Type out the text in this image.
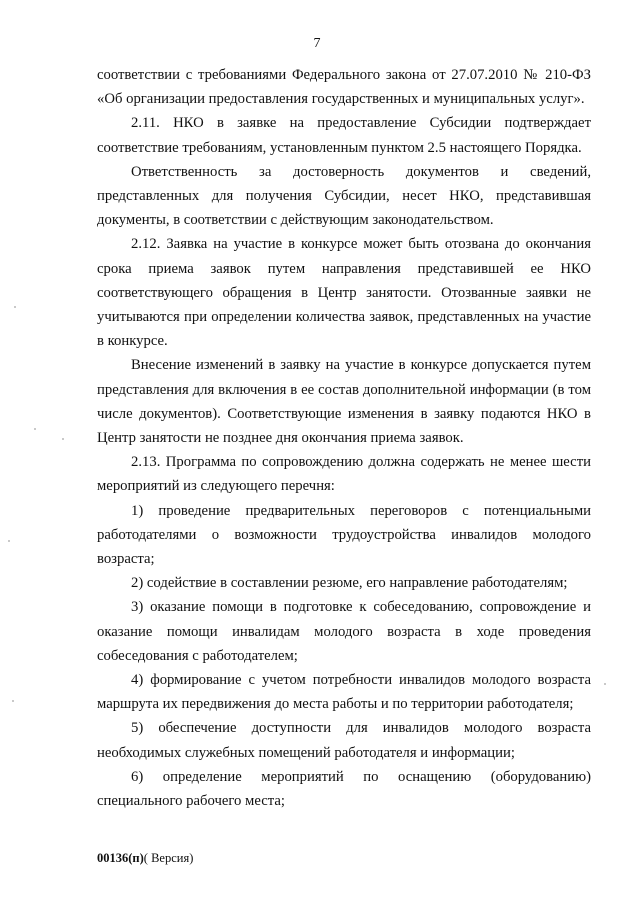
7

соответствии с требованиями Федерального закона от 27.07.2010 № 210-ФЗ «Об организации предоставления государственных и муниципальных услуг».

2.11. НКО в заявке на предоставление Субсидии подтверждает соответствие требованиям, установленным пунктом 2.5 настоящего Порядка.

Ответственность за достоверность документов и сведений, представленных для получения Субсидии, несет НКО, представившая документы, в соответствии с действующим законодательством.

2.12. Заявка на участие в конкурсе может быть отозвана до окончания срока приема заявок путем направления представившей ее НКО соответствующего обращения в Центр занятости. Отозванные заявки не учитываются при определении количества заявок, представленных на участие в конкурсе.

Внесение изменений в заявку на участие в конкурсе допускается путем представления для включения в ее состав дополнительной информации (в том числе документов). Соответствующие изменения в заявку подаются НКО в Центр занятости не позднее дня окончания приема заявок.

2.13. Программа по сопровождению должна содержать не менее шести мероприятий из следующего перечня:

1) проведение предварительных переговоров с потенциальными работодателями о возможности трудоустройства инвалидов молодого возраста;

2) содействие в составлении резюме, его направление работодателям;

3) оказание помощи в подготовке к собеседованию, сопровождение и оказание помощи инвалидам молодого возраста в ходе проведения собеседования с работодателем;

4) формирование с учетом потребности инвалидов молодого возраста маршрута их передвижения до места работы и по территории работодателя;

5) обеспечение доступности для инвалидов молодого возраста необходимых служебных помещений работодателя и информации;

6) определение мероприятий по оснащению (оборудованию) специального рабочего места;

00136(п)( Версия)
